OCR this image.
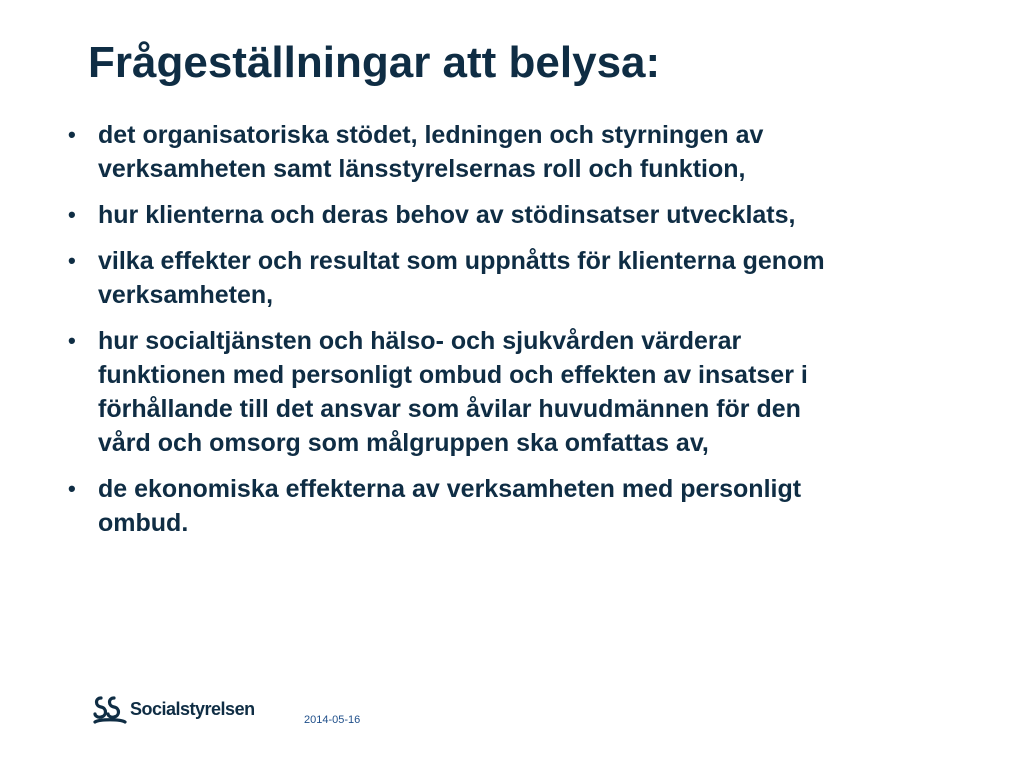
Frågeställningar att belysa:
• det organisatoriska stödet, ledningen och styrningen av verksamheten samt länsstyrelsernas roll och funktion,
• hur klienterna och deras behov av stödinsatser utvecklats,
• vilka effekter och resultat som uppnåtts för klienterna genom verksamheten,
• hur socialtjänsten och hälso- och sjukvården värderar funktionen med personligt ombud och effekten av insatser i förhållande till det ansvar som åvilar huvudmännen för den vård och omsorg som målgruppen ska omfattas av,
• de ekonomiska effekterna av verksamheten med personligt ombud.
Socialstyrelsen
2014-05-16
